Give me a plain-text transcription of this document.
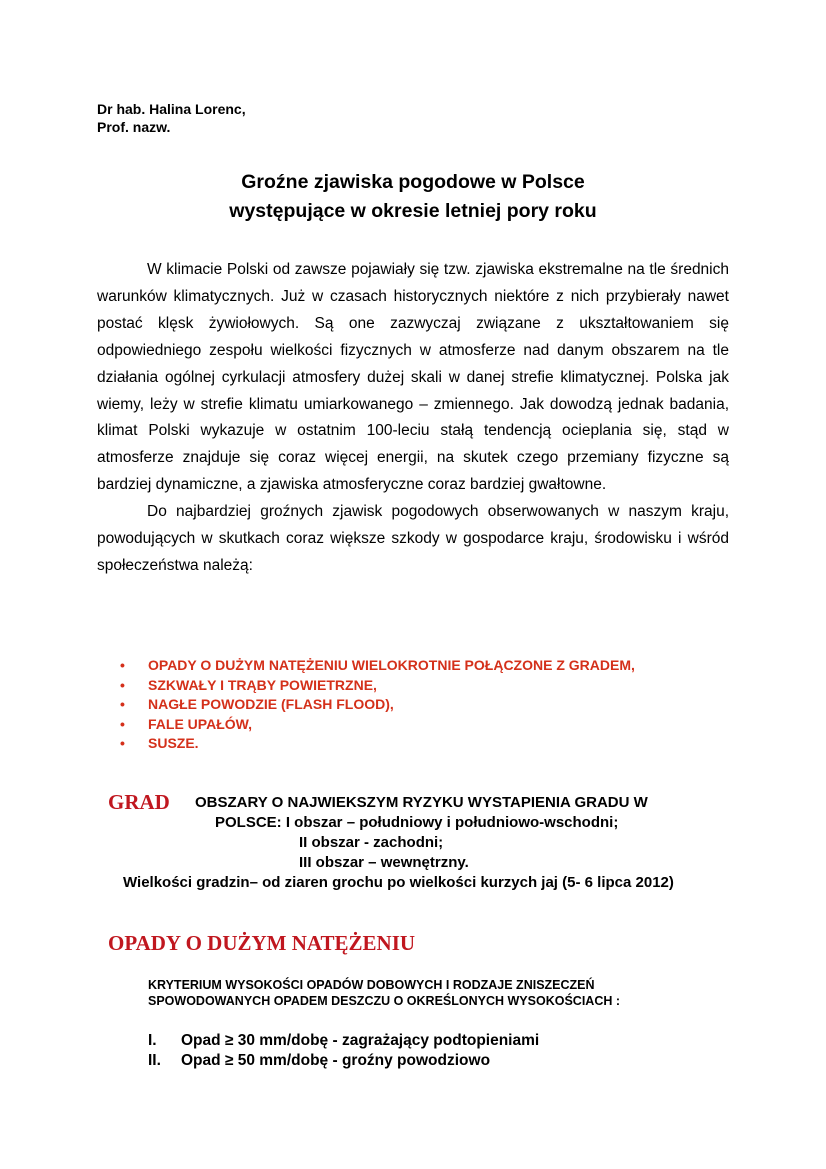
Dr hab. Halina Lorenc,
Prof. nazw.
Groźne zjawiska pogodowe w Polsce
występujące w okresie letniej pory roku

W klimacie Polski od zawsze pojawiały się tzw. zjawiska ekstremalne na tle średnich warunków klimatycznych. Już w czasach historycznych niektóre z nich przybierały nawet postać klęsk żywiołowych. Są one zazwyczaj związane z ukształtowaniem się odpowiedniego zespołu wielkości fizycznych w atmosferze nad danym obszarem na tle działania ogólnej cyrkulacji atmosfery dużej skali w danej strefie klimatycznej. Polska jak wiemy, leży w strefie klimatu umiarkowanego – zmiennego. Jak dowodzą jednak badania, klimat Polski wykazuje w ostatnim 100-leciu stałą tendencją ocieplania się, stąd w atmosferze znajduje się coraz więcej energii, na skutek czego przemiany fizyczne są bardziej dynamiczne, a zjawiska atmosferyczne coraz bardziej gwałtowne.

Do najbardziej groźnych zjawisk pogodowych obserwowanych w naszym kraju, powodujących w skutkach coraz większe szkody w gospodarce kraju, środowisku i wśród społeczeństwa należą:

• OPADY O DUŻYM NATĘŻENIU WIELOKROTNIE POŁĄCZONE Z GRADEM,
• SZKWAŁY I TRĄBY POWIETRZNE,
• NAGŁE POWODZIE (FLASH FLOOD),
• FALE UPAŁÓW,
• SUSZE.
GRAD OBSZARY O NAJWIEKSZYM RYZYKU WYSTAPIENIA GRADU W
POLSCE: I obszar – południowy i południowo-wschodni;
II obszar - zachodni;
III obszar – wewnętrzny.
Wielkości gradzin– od ziaren grochu po wielkości kurzych jaj (5- 6 lipca 2012)
OPADY O DUŻYM NATĘŻENIU
KRYTERIUM WYSOKOŚCI OPADÓW DOBOWYCH I RODZAJE ZNISZECZEŃ
SPOWODOWANYCH OPADEM DESZCZU O OKREŚLONYCH WYSOKOŚCIACH :
I. Opad ≥ 30 mm/dobę - zagrażający podtopieniami
II. Opad ≥ 50 mm/dobę - groźny powodziowo
